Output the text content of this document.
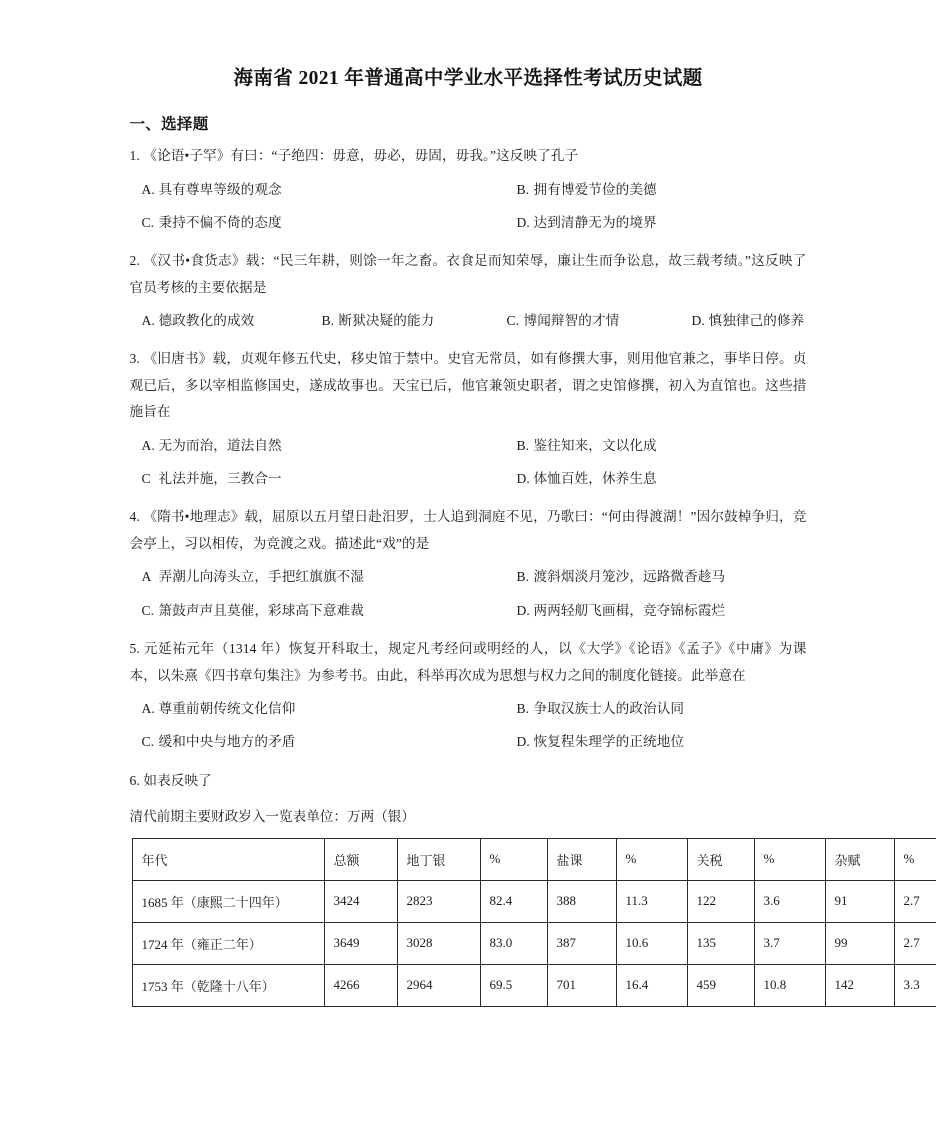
海南省 2021 年普通高中学业水平选择性考试历史试题
一、选择题
1. 《论语•子罕》有曰：“子绝四：毋意，毋必，毋固，毋我。”这反映了孔子
A. 具有尊卑等级的观念	B. 拥有博爱节俭的美德
C. 秉持不偏不倚的态度	D. 达到清静无为的境界
2. 《汉书•食货志》载：“民三年耕，则馀一年之畜。衣食足而知荣辱，廉让生而争讼息，故三载考绩。”这反映了官员考核的主要依据是
A. 德政教化的成效	B. 断狱决疑的能力	C. 博闻辩智的才情	D. 慎独律己的修养
3. 《旧唐书》载，贞观年修五代史，移史馆于禁中。史官无常员，如有修撰大事，则用他官兼之，事毕日停。贞观已后，多以宰相监修国史，遂成故事也。天宝已后，他官兼领史职者，谓之史馆修撰，初入为直馆也。这些措施旨在
A. 无为而治，道法自然	B. 鉴往知来，文以化成
C 礼法并施，三教合一	D. 体恤百姓，休养生息
4. 《隋书•地理志》载，屈原以五月望日赴汨罗，士人追到洞庭不见，乃歌曰：“何由得渡湖！”因尔鼓棹争归，竞会亭上，习以相传，为竞渡之戏。描述此“戏”的是
A 弄潮儿向涛头立，手把红旗旗不湿	B. 渡斜烟淡月笼沙，远路微香趁马
C. 箫鼓声声且莫催，彩球高下意难裁	D. 两两轻舠飞画楫，竞夺锦标霞烂
5. 元延祐元年（1314 年）恢复开科取士，规定凡考经问或明经的人，以《大学》《论语》《孟子》《中庸》为课本，以朱熹《四书章句集注》为参考书。由此，科举再次成为思想与权力之间的制度化链接。此举意在
A. 尊重前朝传统文化信仰	B. 争取汉族士人的政治认同
C. 缓和中央与地方的矛盾	D. 恢复程朱理学的正统地位
6. 如表反映了
清代前期主要财政岁入一览表单位：万两（银）
年代	总额	地丁银	%	盐课	%	关税	%	杂赋	%
1685 年（康熙二十四年）	3424	2823	82.4	388	11.3	122	3.6	91	2.7
1724 年（雍正二年）	3649	3028	83.0	387	10.6	135	3.7	99	2.7
1753 年（乾隆十八年）	4266	2964	69.5	701	16.4	459	10.8	142	3.3
